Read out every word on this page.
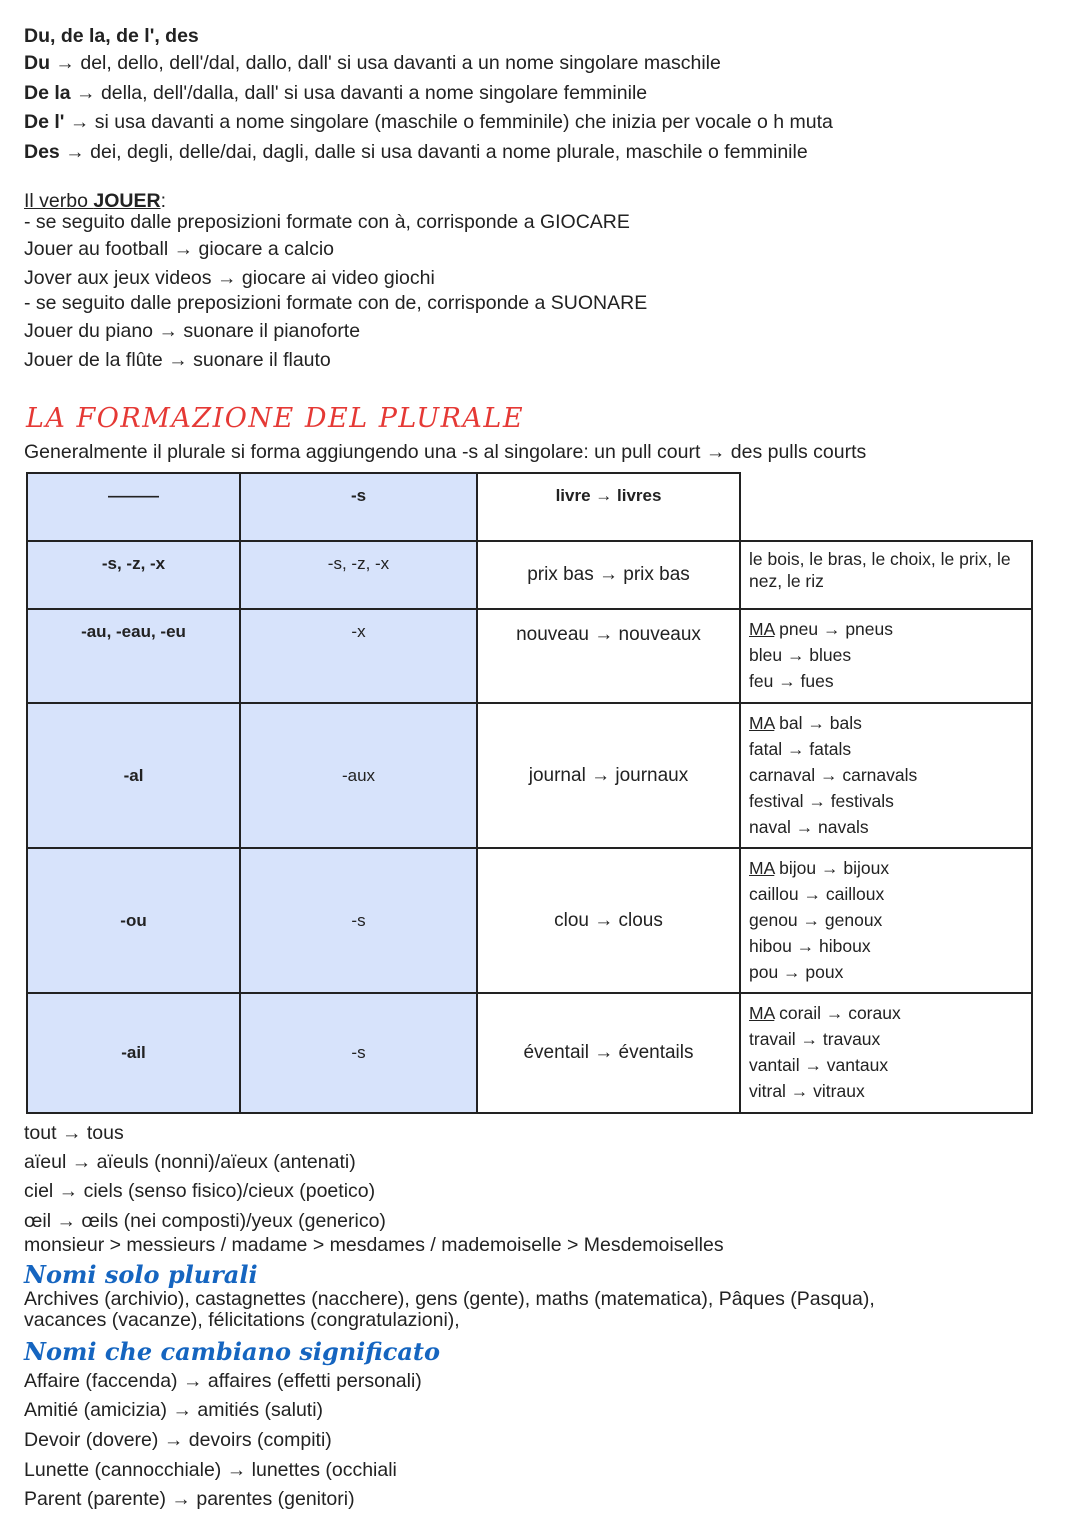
Du, de la, de l', des
Du → del, dello, dell'/dal, dallo, dall' si usa davanti a un nome singolare maschile
De la → della, dell'/dalla, dall' si usa davanti a nome singolare femminile
De l' → si usa davanti a nome singolare (maschile o femminile) che inizia per vocale o h muta
Des → dei, degli, delle/dai, dagli, dalle si usa davanti a nome plurale, maschile o femminile
Il verbo JOUER:
- se seguito dalle preposizioni formate con à, corrisponde a GIOCARE
Jouer au football → giocare a calcio
Jover aux jeux videos → giocare ai video giochi
- se seguito dalle preposizioni formate con de, corrisponde a SUONARE
Jouer du piano → suonare il pianoforte
Jouer de la flûte → suonare il flauto
LA FORMAZIONE DEL PLURALE
Generalmente il plurale si forma aggiungendo una -s al singolare: un pull court → des pulls courts
———	-s	livre → livres	
-s, -z, -x	-s, -z, -x	prix bas → prix bas	le bois, le bras, le choix, le prix, le
nez, le riz

-au, -eau, -eu	-x	nouveau → nouveaux	MA pneu → pneus
bleu → blues
feu → fues

-al	-aux	journal → journaux	MA bal → bals
fatal → fatals
carnaval → carnavals
festival → festivals
naval → navals

-ou	-s	clou → clous	MA bijou → bijoux
caillou → cailloux
genou → genoux
hibou → hiboux
pou → poux

-ail	-s	éventail → éventails	MA corail → coraux
travail → travaux
vantail → vantaux
vitral → vitraux
tout → tous
aïeul → aïeuls (nonni)/aïeux (antenati)
ciel → ciels (senso fisico)/cieux (poetico)
œil → œils (nei composti)/yeux (generico)
monsieur > messieurs / madame > mesdames / mademoiselle > Mesdemoiselles
Nomi solo plurali
Archives (archivio), castagnettes (nacchere), gens (gente), maths (matematica), Pâques (Pasqua),
vacances (vacanze), félicitations (congratulazioni),
Nomi che cambiano significato
Affaire (faccenda) → affaires (effetti personali)
Amitié (amicizia) → amitiés (saluti)
Devoir (dovere) → devoirs (compiti)
Lunette (cannocchiale) → lunettes (occhiali
Parent (parente) → parentes (genitori)
